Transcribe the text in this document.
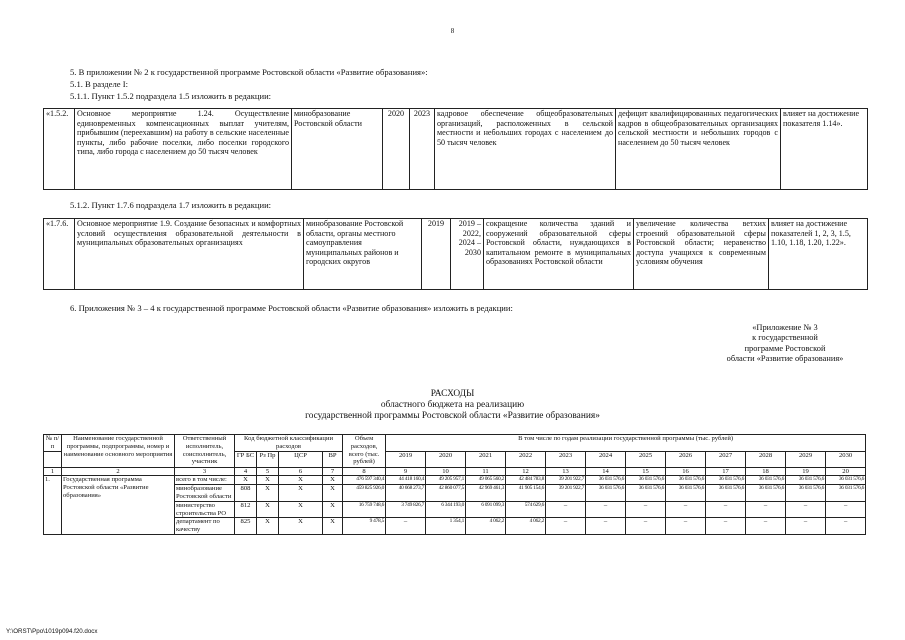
8
5. В приложении № 2 к государственной программе Ростовской области «Развитие образования»:
5.1. В разделе I:
5.1.1. Пункт 1.5.2 подраздела 1.5 изложить в редакции:
«1.5.2.	Основное мероприятие 1.24. Осуществление единовременных компенсационных выплат учителям, прибывшим (переехавшим) на работу в сельские населенные пункты, либо рабочие поселки, либо поселки городского типа, либо города с населением до 50 тысяч человек	минобразование Ростовской области	2020	2023	кадровое обеспечение общеобразовательных организаций, расположенных в сельской местности и небольших городах с населением до 50 тысяч человек	дефицит квалифицированных педагогических кадров в общеобразовательных организациях сельской местности и небольших городов с населением до 50 тысяч человек	влияет на достижение показателя 1.14».
5.1.2. Пункт 1.7.6 подраздела 1.7 изложить в редакции:
«1.7.6.	Основное мероприятие 1.9. Создание безопасных и комфортных условий осуществления образовательной деятельности в муниципальных образовательных организациях	минобразование Ростовской области, органы местного самоуправления муниципальных районов и городских округов	2019	2019 – 2022, 2024 – 2030	сокращение количества зданий и сооружений образовательной сферы Ростовской области, нуждающихся в капитальном ремонте в муниципальных образованиях Ростовской области	увеличение количества ветхих строений образовательной сферы Ростовской области; неравенство доступа учащихся к современным условиям обучения	влияет на достижение показателей 1, 2, 3, 1.5, 1.10, 1.18, 1.20, 1.22».
6. Приложения № 3 – 4 к государственной программе Ростовской области «Развитие образования» изложить в редакции:
«Приложение № 3
к государственной
программе Ростовской
области «Развитие образования»
РАСХОДЫ
областного бюджета на реализацию
государственной программы Ростовской области «Развитие образования»
№ п/п	Наименование государственной программы, подпрограммы, номер и наименование основного мероприятия	Ответственный исполнитель, соисполнитель, участник	Код бюджетной классификации расходов				Объем расходов, всего (тыс. рублей)	В том числе по годам реализации государственной программы (тыс. рублей)											
			ГР БС	Рз Пр	ЦСР	ВР		2019	2020	2021	2022	2023	2024	2025	2026	2027	2028	2029	2030

1	2	3	4	5	6	7	8	9	10	11	12	13	14	15	16	17	18	19	20
1.	Государственная программа Ростовской области «Развитие образования»	всего в том числе:	X	X	X	X	476 597 340,4	44 418 160,4	49 205 957,1	49 065 560,2	42 484 783,8	39 201 922,7	36 031 576,6	36 031 576,6	36 031 576,6	36 031 576,6	36 031 576,6	36 031 576,6	36 031 576,6
		минобразование Ростовской области	808	X	X	X	459 825 926,0	40 668 273,7	42 860 077,5	42 969 461,3	41 905 154,6	39 201 922,7	36 031 576,6	36 031 576,6	36 031 576,6	36 031 576,6	36 031 576,6	36 031 576,6	36 031 576,6
		министерство строительства РО	812	X	X	X	16 759 748,6	3 749 826,7	6 344 193,0	6 091 099,3	574 629,6	–	–	–	–	–	–	–	–
		департамент по качеству	825	X	X	X	9 478,5	–	1 354,1	4 062,2	4 062,2	–	–	–	–	–	–	–	–
Y:\ORST\Ppo\1019p094.f20.docx
